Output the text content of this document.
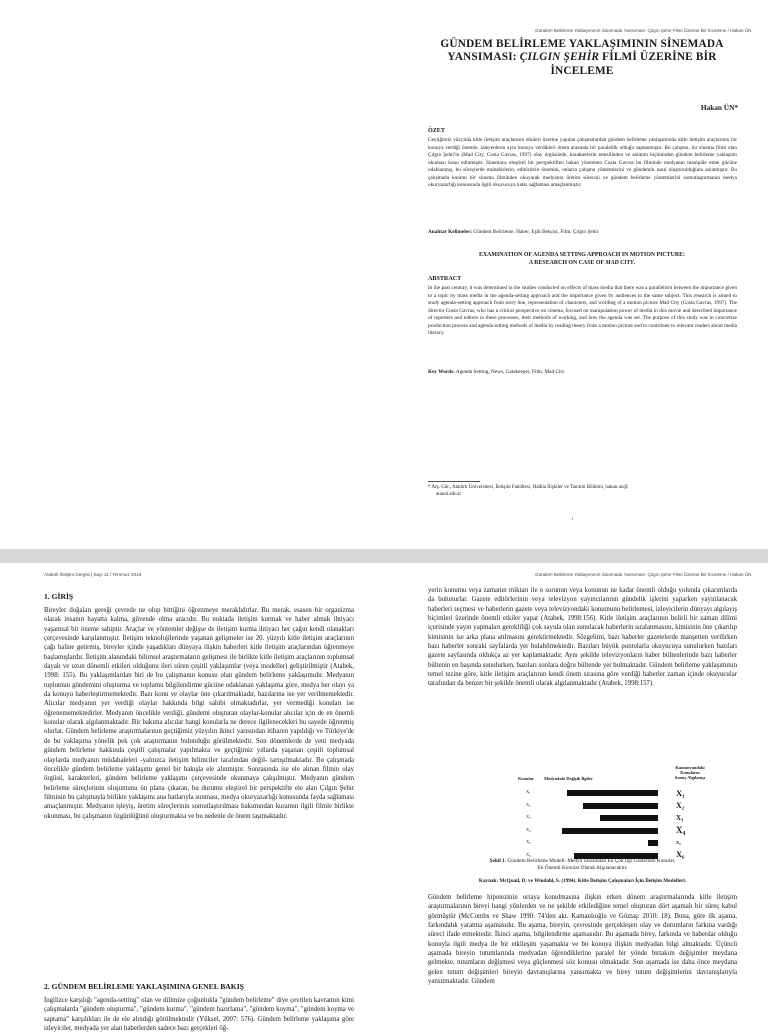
Gündem Belirleme Yaklaşımının Sinemada Yansıması: Çılgın Şehir Filmi Üzerine Bir İnceleme / Hakan ÜN
GÜNDEM BELİRLEME YAKLAŞIMININ SİNEMADA
YANSIMASI: ÇILGIN ŞEHİR FİLMİ ÜZERİNE BİR
İNCELEME
Hakan ÜN*
ÖZET

Geçtiğimiz yüzyılda kitle iletişim araçlarının etkileri üzerine yapılan çalışmalardan gündem belirleme yaklaşımında kitle iletişim araçlarının bir konuya verdiği önemle, izleyenlerin aynı konuya verdikleri önem arasında bir paralellik olduğu saptanmıştır. Bu çalışma, bir sinema filmi olan Çılgın Şehir'in (Mad City, Costa Gavras, 1997) olay örgüsünde, karakterlerin temsilinden ve anlatım biçiminden gündem belirleme yaklaşımı okuması konu edinmiştir. Sinemaya eleştirel bir perspektiften bakan yönetmen Costa Gavras bu filminde medyanın manipüle etme gücüne odaklanmış, bu süreçlerde muhabirlerin, editörlerin önemini, onların çalışma yöntemlerini ve gündemin nasıl oluşturulduğunu anlatmıştır. Bu çalışmada kuramı bir sinema filminden okuyarak medyanın üretim sürecini ve gündem belirleme yöntemlerini somutlaştırmanın medya okuryazarlığı konusunda ilgili okuyucuya katkı sağlaması amaçlanmıştır.

Anahtar Kelimeler: Gündem Belirleme, Haber, Eşik Bekçisi, Film, Çılgın Şehir
EXAMINATION OF AGENDA SETTING APPROACH IN MOTION PICTURE:
A RESEARCH ON CASE OF MAD CITY.
ABSTRACT

In the past century, it was determined in the studies conducted on effects of mass media that there was a parallelism between the importance given to a topic by mass media in the agenda-setting approach and the importance given by audiences to the same subject. This research is aimed to study agenda-setting approach from story line, representation of characters, and wording of a motion picture Mad City (Costa Gavras, 1997). The director Costa Gavras, who has a critical perspective on cinema, focused on manipulation power of media in this movie and described importance of reporters and editors in these processes, their methods of working, and how the agenda was set. The purpose of this study was to concretize production process and agenda setting methods of media by reading theory from a motion picture and to contribute to relevant readers about media literacy.

Key Words: Agenda Setting, News, Gatekeeper, Film, Mad City
* Arş. Gör., Atatürk Üniversitesi, İletişim Fakültesi, Halkla İlişkiler ve Tanıtım Bölümü, hakan.un@
atauni.edu.tr
1
Atatürk İletişim Dergisi | Sayı 11 / Temmuz 2016	Gündem Belirleme Yaklaşımının Sinemada Yansıması: Çılgın Şehir Filmi Üzerine Bir İnceleme / Hakan ÜN
1. GİRİŞ

Bireyler doğaları gereği çevrede ne olup bittiğini öğrenmeye meraklıdırlar. Bu merak, esasen bir organizma olarak insanın hayatta kalma, güvende olma aracıdır. Bu noktada iletişim kurmak ve haber almak ihtiyacı yaşamsal bir öneme sahiptir. Araçlar ve yöntemler değişse de iletişim kurma ihtiyacı her çağın kendi olanakları çerçevesinde karşılanmıştır. İletişim teknolojilerinde yaşanan gelişmeler ise 20. yüzyılı kitle iletişim araçlarının çağı haline getirmiş, bireyler içinde yaşadıkları dünyaya ilişkin haberleri kitle iletişim araçlarından öğrenmeye başlamışlardır. İletişim alanındaki bilimsel araştırmaların gelişmesi ile birlikte kitle iletişim araçlarının toplumsal dayalı ve uzun dönemli etkileri olduğunu ileri süren çeşitli yaklaşımlar (veya modeller) geliştirilmiştir (Atabek, 1998: 155). Bu yaklaşımlardan biri de bu çalışmanın konusu olan gündem belirleme yaklaşımıdır. Medyanın toplumun gündemini oluşturma ve toplumu bilgilendirme gücüne odaklanan yaklaşıma göre, medya her olayı ya da konuyu haberleştirmemektedir. Bazı konu ve olaylar öne çıkarılmaktadır, bazılarına ise yer verilmemektedir. Alıcılar medyanın yer verdiği olaylar hakkında bilgi sahibi olmaktadırlar, yer vermediği konuları ise öğrenememektedirler. Medyanın öncelikle verdiği, gündemi oluşturan olaylar-konular alıcılar için de en önemli konular olarak algılanmaktadır. Bir bakıma alıcılar hangi konularla ne derece ilgilenecekleri bu sayede öğrenmiş olurlar. Gündem belirleme araştırmalarının geçtiğimiz yüzyılın ikinci yarısından itibaren yapıldığı ve Türkiye'de de bu yaklaşıma yönelik pek çok araştırmanın bulunduğu görülmektedir. Son dönemlerde de yeni medyada gündem belirleme hakkında çeşitli çalışmalar yapılmakta ve geçtiğimiz yıllarda yaşanan çeşitli toplumsal olaylarda medyanın müdahaleleri -yalnızca iletişim bilimciler tarafından değil- tartışılmaktadır. Bu çalışmada öncelikle gündem belirleme yaklaşımı genel bir bakışla ele alınmıştır. Sonrasında ise ele alınan filmin olay örgüsü, karakterleri, gündem belirleme yaklaşımı çerçevesinde okunmaya çalışılmıştır. Medyanın gündem belirleme süreçlerinin oluşumunu ön plana çıkaran, bu durumu eleştirel bir perspektifte ele alan Çılgın Şehir filminin bu çalışmayla birlikte yaklaşımı ana hatlarıyla sunması, medya okuryazarlığı konusunda fayda sağlaması amaçlanmıştır. Medyanın işleyiş, üretim süreçlerinin somutlaştırılması bakımından kuramın ilgili filmle birlikte okunması, bu çalışmanın özgünlüğünü oluşturmakta ve bu nedenle de önem taşımaktadır.

2. GÜNDEM BELİRLEME YAKLAŞIMINA GENEL BAKIŞ

İngilizce karşılığı "agenda-setting" olan ve dilimize çoğunlukla "gündem belirleme" diye çevrilen kavramın kimi çalışmalarda "gündem oluşturma", "gündem kurma", "gündem hazırlama", "gündem koyma", "gündem koyma ve saptama" karşılıkları ile de ele alındığı görülmektedir (Yüksel, 2007: 576). Gündem belirleme yaklaşıma göre izleyiciler, medyada yer alan haberlerden sadece bazı gerçekleri öğ-

yerin konumu veya zamanın miktarı ile o sorunun veya konunun ne kadar önemli olduğu yolunda çıkarımlarda da bulunurlar. Gazete editörlerinin veya televizyon yayıncılarının gündelik işlerini yaparken yayınlanacak haberleri seçmesi ve haberlerin gazete veya televizyondaki konumunu belirlemesi, izleyicilerin dünyayı algılayış biçimleri üzerinde önemli etkiler yapar (Atabek, 1998:156). Kitle iletişim araçlarının belirli bir zaman dilimi içerisinde yayın yapmaları gerekliliği çok sayıda olan sunulacak haberlerin sıralanmasını, kimisinin öne çıkarılıp kimisinin ise arka plana atılmasını gerektirmektedir. Sözgelimi, bazı haberler gazetelerde manşetten verilirken bazı haberler sonraki sayfalarda yer bulabilmektedir. Bazıları büyük puntolarla okuyucuya sunulurken bazıları gazete sayfasında oldukça az yer kaplamaktadır. Aynı şekilde televizyonların haber bültenlerinde bazı haberler bültenin en başında sunulurken, bazıları sonlara doğru bültende yer bulmaktadır. Gündem belirleme yaklaşımının temel tezine göre, kitle iletişim araçlarının kendi önem sırasına göre verdiği haberler zaman içinde okuyucular tarafından da benzer bir şekilde önemli olarak algılanmaktadır (Atabek, 1998:157).

Konular Medyadaki Değişik İlgiler
Kamuoyundaki
Konuların
Sonuç Algılanışı
X₁	X₁
X₂	X₂
X₃	X₃
X₄	X₄
X₅	X₅
X₆	X₆
Şekil 1. Gündem Belirleme Modeli: Medya Tarafından En Çok İlgi Gösterilen Konular,
En Önemli Konular Olarak Algılanacaktır.
Kaynak: McQuail, D. ve Windahl, S. (1994). Kitle İletişim Çalışmaları İçin İletişim Modelleri.

Gündem belirleme hipotezinin ortaya konulmasına ilişkin erken dönem araştırmalarında kitle iletişim araştırmalarının bireyi hangi yönlerden ve ne şekilde etkilediğine temel oluşturan dört aşamalı bir süreç kabul görmüştür (McCombs ve Shaw 1990: 74'den akt. Kamanlıoğlu ve Göztaş: 2010: 18). Buna, göre ilk aşama, farkındalık yaratma aşamasıdır. Bu aşama, bireyin, çevresinde gerçekleşen olay ve durumların farkına vardığı süreci ifade etmektedir. İkinci aşama, bilgilendirme aşamasıdır. Bu aşamada birey, farkında ve haberdar olduğu konuyla ilgili medya ile bir etkileşim yaşamakta ve bu konuya ilişkin medyadan bilgi almaktadır. Üçüncü aşamada bireyin tutumlarında medyadan öğrendiklerine paralel bir yönde birtakım değişimler meydana gelmekte, tutumların değişmesi veya güçlenmesi söz konusu olmaktadır. Son aşamada ise daha önce meydana gelen tutum değişimleri bireyin davranışlarına yansımakta ve birey tutum değişimlerini davranışlarıyla yansıtmaktadır. Gündem
